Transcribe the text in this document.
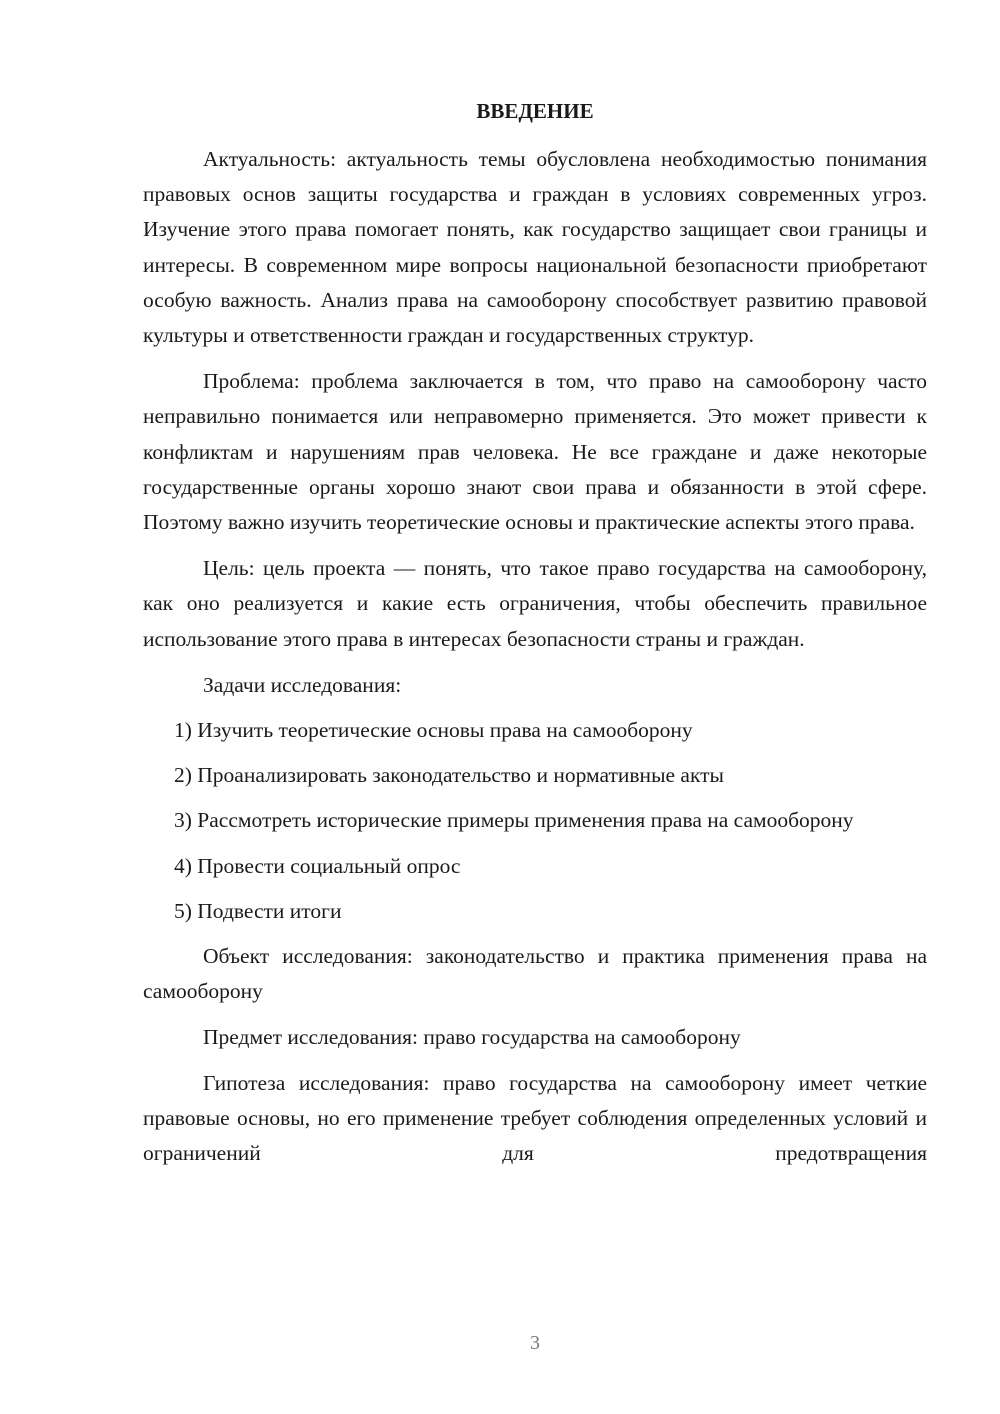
ВВЕДЕНИЕ

Актуальность: актуальность темы обусловлена необходимостью понимания правовых основ защиты государства и граждан в условиях современных угроз. Изучение этого права помогает понять, как государство защищает свои границы и интересы. В современном мире вопросы национальной безопасности приобретают особую важность. Анализ права на самооборону способствует развитию правовой культуры и ответственности граждан и государственных структур.

Проблема: проблема заключается в том, что право на самооборону часто неправильно понимается или неправомерно применяется. Это может привести к конфликтам и нарушениям прав человека. Не все граждане и даже некоторые государственные органы хорошо знают свои права и обязанности в этой сфере. Поэтому важно изучить теоретические основы и практические аспекты этого права.

Цель: цель проекта — понять, что такое право государства на самооборону, как оно реализуется и какие есть ограничения, чтобы обеспечить правильное использование этого права в интересах безопасности страны и граждан.

Задачи исследования:

1) Изучить теоретические основы права на самооборону

2) Проанализировать законодательство и нормативные акты

3) Рассмотреть исторические примеры применения права на самооборону

4) Провести социальный опрос

5) Подвести итоги

Объект исследования: законодательство и практика применения права на самооборону

Предмет исследования: право государства на самооборону

Гипотеза исследования: право государства на самооборону имеет четкие правовые основы, но его применение требует соблюдения определенных условий и ограничений для предотвращения

3
